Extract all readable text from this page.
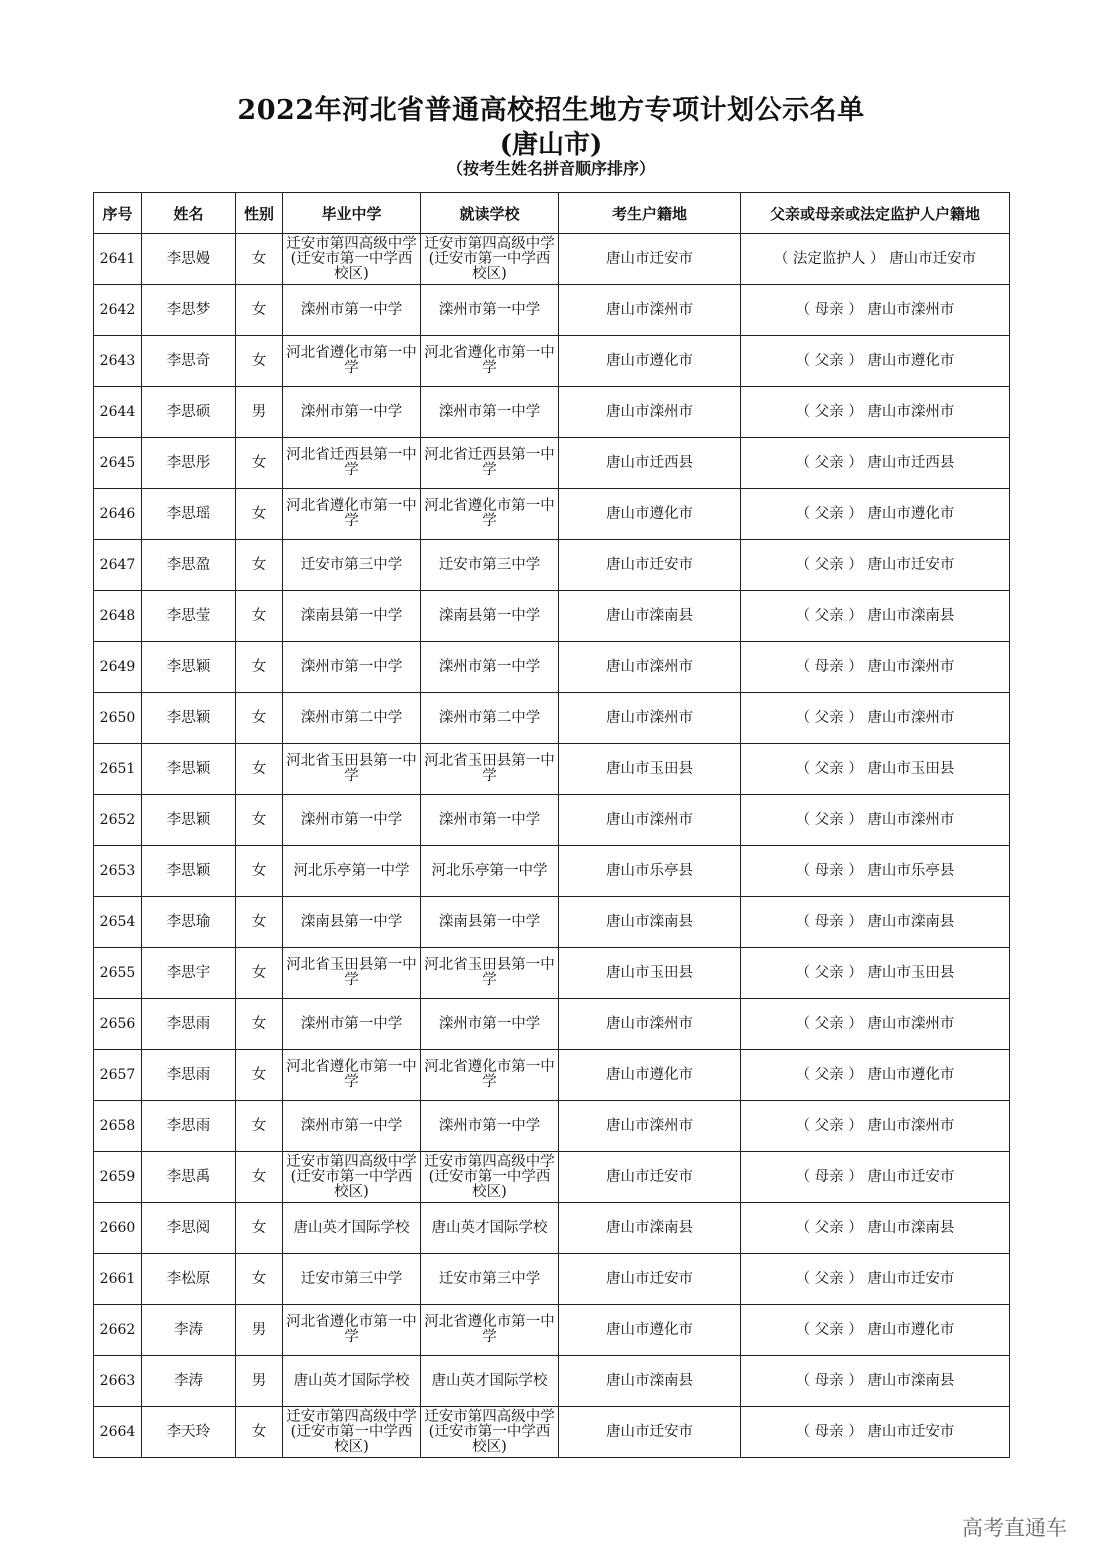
2022年河北省普通高校招生地方专项计划公示名单
(唐山市)
（按考生姓名拼音顺序排序）
序号	姓名	性别	毕业中学	就读学校	考生户籍地	父亲或母亲或法定监护人户籍地
2641	李思嫚	女	迁安市第四高级中学(迁安市第一中学西校区)	迁安市第四高级中学(迁安市第一中学西校区)	唐山市迁安市	（ 法定监护人 ） 唐山市迁安市
2642	李思梦	女	滦州市第一中学	滦州市第一中学	唐山市滦州市	（ 母亲 ） 唐山市滦州市
2643	李思奇	女	河北省遵化市第一中学	河北省遵化市第一中学	唐山市遵化市	（ 父亲 ） 唐山市遵化市
2644	李思硕	男	滦州市第一中学	滦州市第一中学	唐山市滦州市	（ 父亲 ） 唐山市滦州市
2645	李思彤	女	河北省迁西县第一中学	河北省迁西县第一中学	唐山市迁西县	（ 父亲 ） 唐山市迁西县
2646	李思瑶	女	河北省遵化市第一中学	河北省遵化市第一中学	唐山市遵化市	（ 父亲 ） 唐山市遵化市
2647	李思盈	女	迁安市第三中学	迁安市第三中学	唐山市迁安市	（ 父亲 ） 唐山市迁安市
2648	李思莹	女	滦南县第一中学	滦南县第一中学	唐山市滦南县	（ 父亲 ） 唐山市滦南县
2649	李思颖	女	滦州市第一中学	滦州市第一中学	唐山市滦州市	（ 母亲 ） 唐山市滦州市
2650	李思颖	女	滦州市第二中学	滦州市第二中学	唐山市滦州市	（ 父亲 ） 唐山市滦州市
2651	李思颖	女	河北省玉田县第一中学	河北省玉田县第一中学	唐山市玉田县	（ 父亲 ） 唐山市玉田县
2652	李思颖	女	滦州市第一中学	滦州市第一中学	唐山市滦州市	（ 父亲 ） 唐山市滦州市
2653	李思颖	女	河北乐亭第一中学	河北乐亭第一中学	唐山市乐亭县	（ 母亲 ） 唐山市乐亭县
2654	李思瑜	女	滦南县第一中学	滦南县第一中学	唐山市滦南县	（ 母亲 ） 唐山市滦南县
2655	李思宇	女	河北省玉田县第一中学	河北省玉田县第一中学	唐山市玉田县	（ 父亲 ） 唐山市玉田县
2656	李思雨	女	滦州市第一中学	滦州市第一中学	唐山市滦州市	（ 父亲 ） 唐山市滦州市
2657	李思雨	女	河北省遵化市第一中学	河北省遵化市第一中学	唐山市遵化市	（ 父亲 ） 唐山市遵化市
2658	李思雨	女	滦州市第一中学	滦州市第一中学	唐山市滦州市	（ 父亲 ） 唐山市滦州市
2659	李思禹	女	迁安市第四高级中学(迁安市第一中学西校区)	迁安市第四高级中学(迁安市第一中学西校区)	唐山市迁安市	（ 母亲 ） 唐山市迁安市
2660	李思阅	女	唐山英才国际学校	唐山英才国际学校	唐山市滦南县	（ 父亲 ） 唐山市滦南县
2661	李松原	女	迁安市第三中学	迁安市第三中学	唐山市迁安市	（ 父亲 ） 唐山市迁安市
2662	李涛	男	河北省遵化市第一中学	河北省遵化市第一中学	唐山市遵化市	（ 父亲 ） 唐山市遵化市
2663	李涛	男	唐山英才国际学校	唐山英才国际学校	唐山市滦南县	（ 母亲 ） 唐山市滦南县
2664	李天玲	女	迁安市第四高级中学(迁安市第一中学西校区)	迁安市第四高级中学(迁安市第一中学西校区)	唐山市迁安市	（ 母亲 ） 唐山市迁安市
高考直通车
